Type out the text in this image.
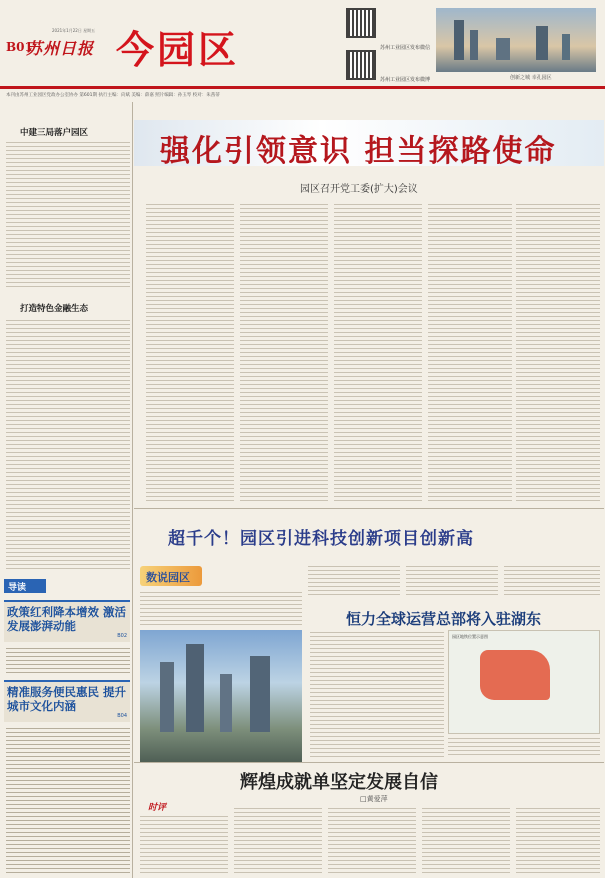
2021年1月22日 星期五
B01
苏州日报 今园区	苏州工业园区发布微信
苏州工业园区发布微博	创新之城 幸孔园区
本刊由苏州工业园区党政办公室协办 第601期 执行主编：向斌 美编：薛嘉 照片编辑：孙玉琴 校对：朱茜蒂
中建三局落户园区
打造特色金融生态
导读
政策红利降本增效 激活发展澎湃动能
B02
精准服务便民惠民 提升城市文化内涵
B04
强化引领意识 担当探路使命
园区召开党工委(扩大)会议
超千个！园区引进科技创新项目创新高
数说园区
恒力全球运营总部将入驻湖东
园区地铁位置示意图
辉煌成就单坚定发展自信
□黄爱萍
时评
